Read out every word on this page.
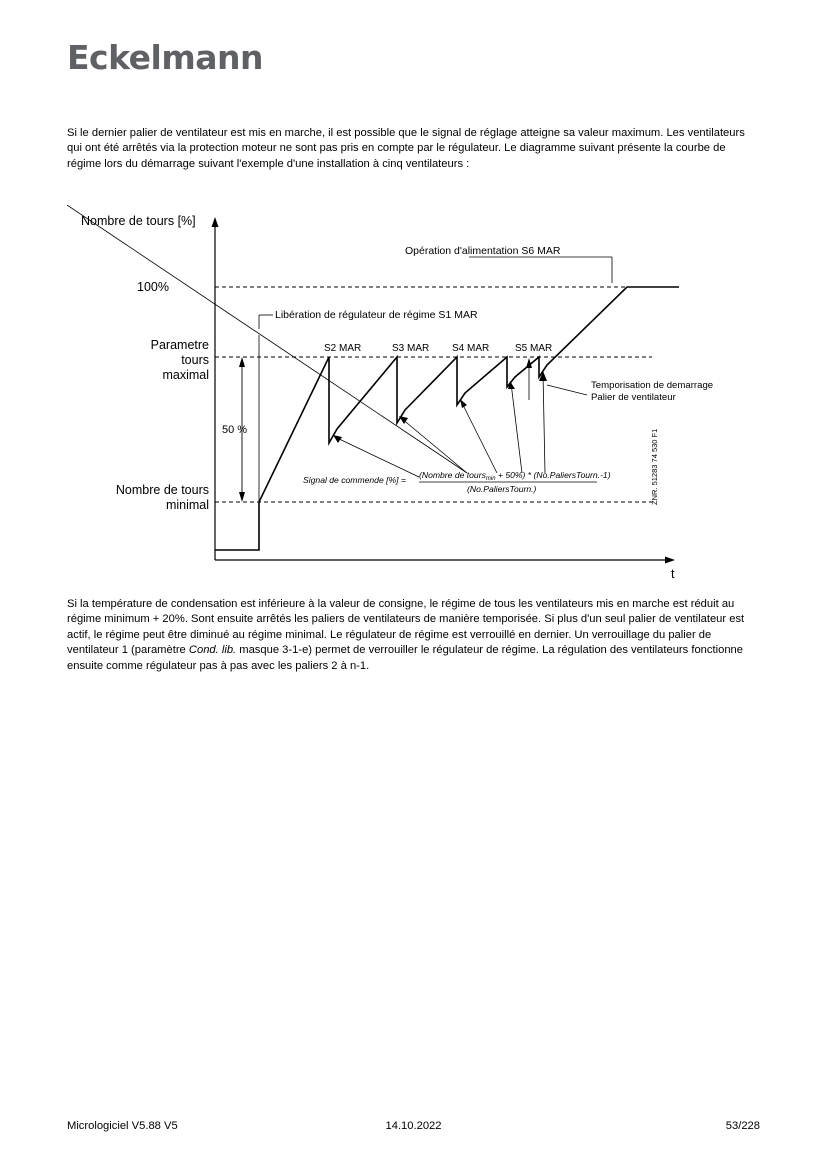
Eckelmann
Si le dernier palier de ventilateur est mis en marche, il est possible que le signal de réglage atteigne sa valeur maximum. Les ventilateurs qui ont été arrêtés via la protection moteur ne sont pas pris en compte par le régulateur. Le diagramme suivant présente la courbe de régime lors du démarrage suivant l'exemple d'une installation à cinq ventilateurs :
Nombre de tours [%]
100%
Parametre
tours
maximal
Nombre de tours
minimal
50 %
t
Opération d'alimentation S6 MAR
Libération de régulateur de régime S1 MAR
S2 MAR	S3 MAR S4 MAR	S5 MAR
Temporisation de demarrage
Palier de ventilateur
Signal de commende [%] = (Nombre de toursmin + 50%) * (No.PaliersTourn.-1)
(No.PaliersTourn.)	ZNR. 51283 74 530 F1
Si la température de condensation est inférieure à la valeur de consigne, le régime de tous les ventilateurs mis en marche est réduit au régime minimum + 20%. Sont ensuite arrêtés les paliers de ventilateurs de manière temporisée. Si plus d'un seul palier de ventilateur est actif, le régime peut être diminué au régime minimal. Le régulateur de régime est verrouillé en dernier. Un verrouillage du palier de ventilateur 1 (paramètre Cond. lib. masque 3-1-e) permet de verrouiller le régulateur de régime. La régulation des ventilateurs fonctionne ensuite comme régulateur pas à pas avec les paliers 2 à n-1.
Micrologiciel V5.88 V5	14.10.2022	53/228
